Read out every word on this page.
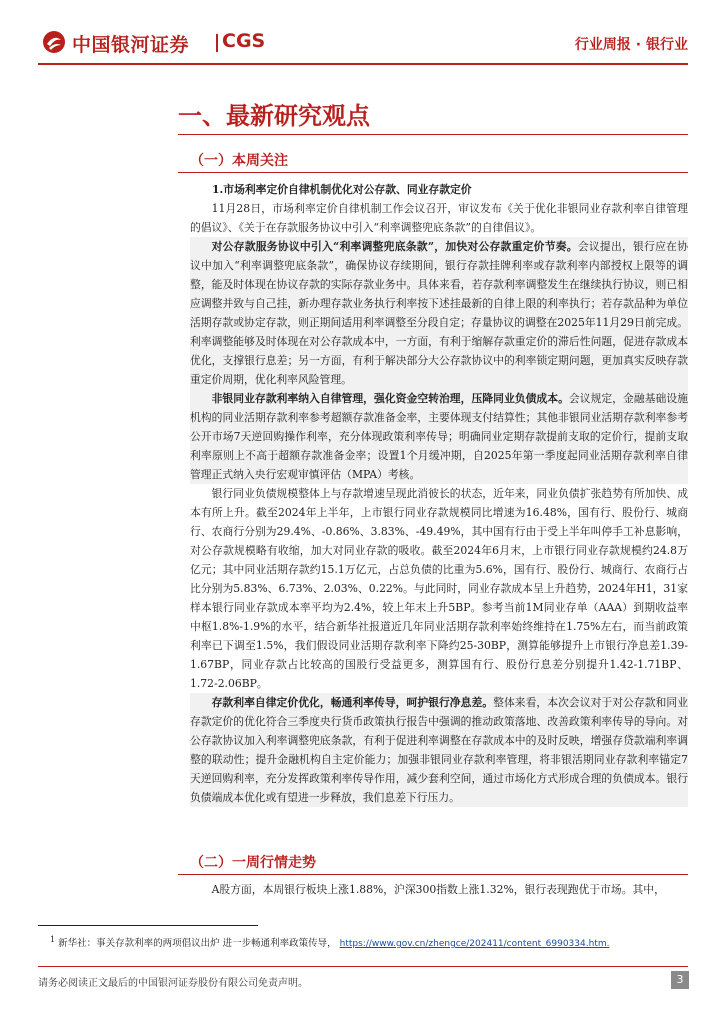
中国银河证券 CGS	行业周报 · 银行业
一、最新研究观点
（一）本周关注

1.市场利率定价自律机制优化对公存款、同业存款定价

11月28日，市场利率定价自律机制工作会议召开，审议发布《关于优化非银同业存款利率自律管理的倡议》、《关于在存款服务协议中引入“利率调整兜底条款”的自律倡议》。

对公存款服务协议中引入“利率调整兜底条款”，加快对公存款重定价节奏。会议提出，银行应在协议中加入“利率调整兜底条款”，确保协议存续期间，银行存款挂牌利率或存款利率内部授权上限等的调整，能及时体现在协议存款的实际存款业务中。具体来看，若存款利率调整发生在继续执行协议，则已相应调整并致与自己挂，新办理存款业务执行利率按下述挂最新的自律上限的利率执行；若存款品种为单位活期存款或协定存款，则正期间适用利率调整至分段自定；存量协议的调整在2025年11月29日前完成。利率调整能够及时体现在对公存款成本中，一方面，有利于缩解存款重定价的滞后性问题，促进存款成本优化，支撑银行息差；另一方面，有利于解决部分大公存款协议中的利率锁定期问题，更加真实反映存款重定价周期，优化利率风险管理。

非银同业存款利率纳入自律管理，强化资金空转治理，压降同业负债成本。会议规定，金融基础设施机构的同业活期存款利率参考超额存款准备金率，主要体现支付结算性；其他非银同业活期存款利率参考公开市场7天逆回购操作利率，充分体现政策利率传导；明确同业定期存款提前支取的定价行，提前支取利率原则上不高于超额存款准备金率；设置1个月缓冲期，自2025年第一季度起同业活期存款利率自律管理正式纳入央行宏观审慎评估（MPA）考核。

银行同业负债规模整体上与存款增速呈现此消彼长的状态，近年来，同业负债扩张趋势有所加快、成本有所上升。截至2024年上半年，上市银行同业存款规模同比增速为16.48%，国有行、股份行、城商行、农商行分别为29.4%、-0.86%、3.83%、-49.49%，其中国有行由于受上半年叫停手工补息影响，对公存款规模略有收缩，加大对同业存款的吸收。截至2024年6月末，上市银行同业存款规模约24.8万亿元；其中同业活期存款约15.1万亿元，占总负债的比重为5.6%，国有行、股份行、城商行、农商行占比分别为5.83%、6.73%、2.03%、0.22%。与此同时，同业存款成本呈上升趋势，2024年H1，31家样本银行同业存款成本率平均为2.4%，较上年末上升5BP。参考当前1M同业存单（AAA）到期收益率中枢1.8%-1.9%的水平，结合新华社报道近几年同业活期存款利率始终维持在1.75%左右，而当前政策利率已下调至1.5%，我们假设同业活期存款利率下降约25-30BP，测算能够提升上市银行净息差1.39-1.67BP，同业存款占比较高的国股行受益更多，测算国有行、股份行息差分别提升1.42-1.71BP、1.72-2.06BP。

存款利率自律定价优化，畅通利率传导，呵护银行净息差。整体来看，本次会议对于对公存款和同业存款定价的优化符合三季度央行货币政策执行报告中强调的推动政策落地、改善政策利率传导的导向。对公存款协议加入利率调整兜底条款，有利于促进利率调整在存款成本中的及时反映，增强存贷款端利率调整的联动性；提升金融机构自主定价能力；加强非银同业存款利率管理，将非银活期同业存款利率锚定7天逆回购利率，充分发挥政策利率传导作用，减少套利空间，通过市场化方式形成合理的负债成本。银行负债端成本优化或有望进一步释放，我们息差下行压力。

（二）一周行情走势

A股方面，本周银行板块上涨1.88%，沪深300指数上涨1.32%，银行表现跑优于市场。其中，

$^1$ 新华社：事关存款利率的两项倡议出炉 进一步畅通利率政策传导， https://www.gov.cn/zhengce/202411/content_6990334.htm.
请务必阅读正文最后的中国银河证券股份有限公司免责声明。	3
